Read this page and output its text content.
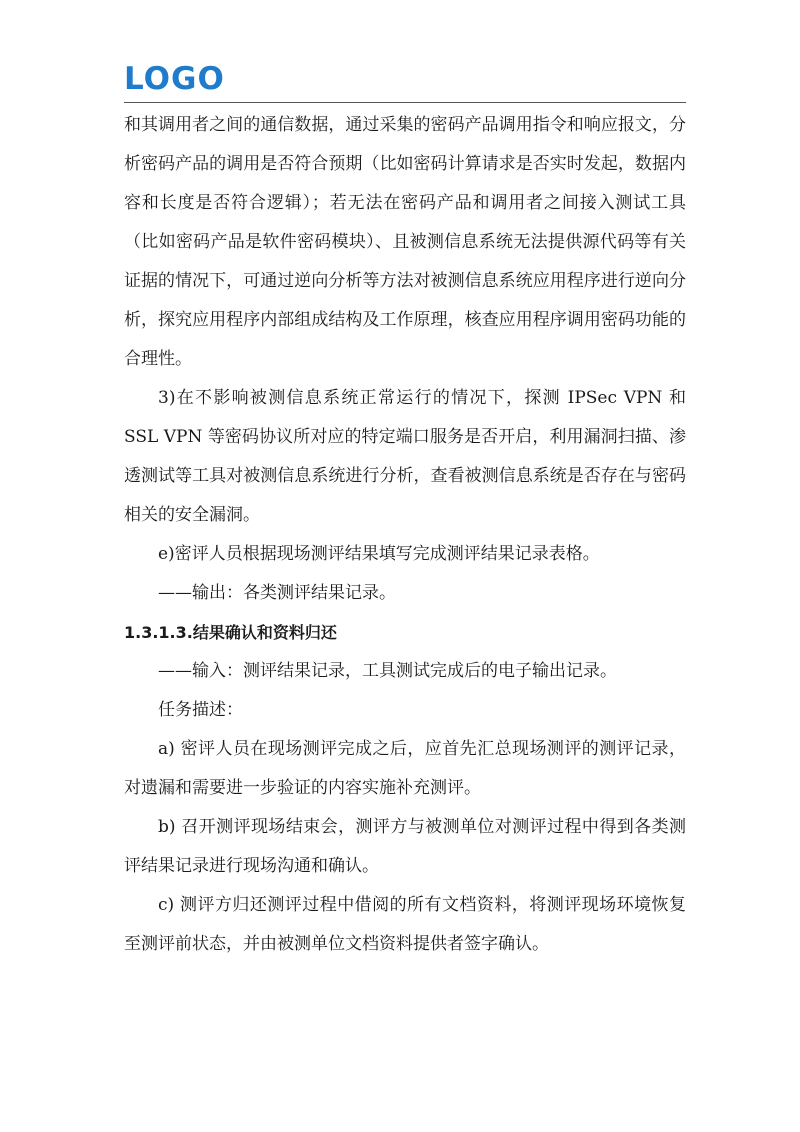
LOGO

和其调用者之间的通信数据，通过采集的密码产品调用指令和响应报文，分析密码产品的调用是否符合预期（比如密码计算请求是否实时发起，数据内容和长度是否符合逻辑）；若无法在密码产品和调用者之间接入测试工具（比如密码产品是软件密码模块）、且被测信息系统无法提供源代码等有关证据的情况下，可通过逆向分析等方法对被测信息系统应用程序进行逆向分析，探究应用程序内部组成结构及工作原理，核查应用程序调用密码功能的合理性。

3)在不影响被测信息系统正常运行的情况下，探测 IPSec VPN 和 SSL VPN 等密码协议所对应的特定端口服务是否开启，利用漏洞扫描、渗透测试等工具对被测信息系统进行分析，查看被测信息系统是否存在与密码相关的安全漏洞。

e)密评人员根据现场测评结果填写完成测评结果记录表格。

——输出：各类测评结果记录。

1.3.1.3.结果确认和资料归还

——输入：测评结果记录，工具测试完成后的电子输出记录。

任务描述：

a) 密评人员在现场测评完成之后，应首先汇总现场测评的测评记录，对遗漏和需要进一步验证的内容实施补充测评。

b) 召开测评现场结束会，测评方与被测单位对测评过程中得到各类测评结果记录进行现场沟通和确认。

c) 测评方归还测评过程中借阅的所有文档资料，将测评现场环境恢复至测评前状态，并由被测单位文档资料提供者签字确认。
